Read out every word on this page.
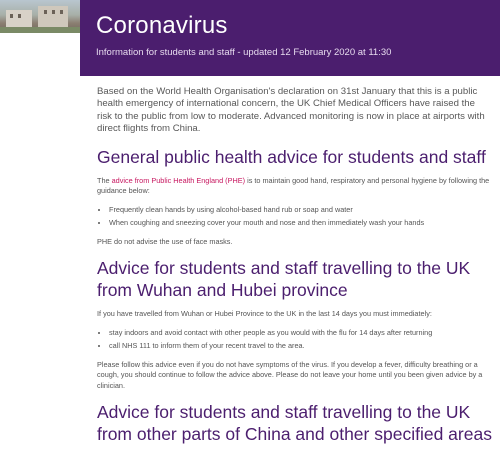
Coronavirus

Information for students and staff - updated 12 February 2020 at 11:30

Based on the World Health Organisation's declaration on 31st January that this is a public health emergency of international concern, the UK Chief Medical Officers have raised the risk to the public from low to moderate. Advanced monitoring is now in place at airports with direct flights from China.

General public health advice for students and staff

The advice from Public Health England (PHE) is to maintain good hand, respiratory and personal hygiene by following the guidance below:

• Frequently clean hands by using alcohol-based hand rub or soap and water
• When coughing and sneezing cover your mouth and nose and then immediately wash your hands

PHE do not advise the use of face masks.

Advice for students and staff travelling to the UK from Wuhan and Hubei province

If you have travelled from Wuhan or Hubei Province to the UK in the last 14 days you must immediately:

• stay indoors and avoid contact with other people as you would with the flu for 14 days after returning
• call NHS 111 to inform them of your recent travel to the area.

Please follow this advice even if you do not have symptoms of the virus. If you develop a fever, difficulty breathing or a cough, you should continue to follow the advice above. Please do not leave your home until you been given advice by a clinician.

Advice for students and staff travelling to the UK from other parts of China and other specified areas
